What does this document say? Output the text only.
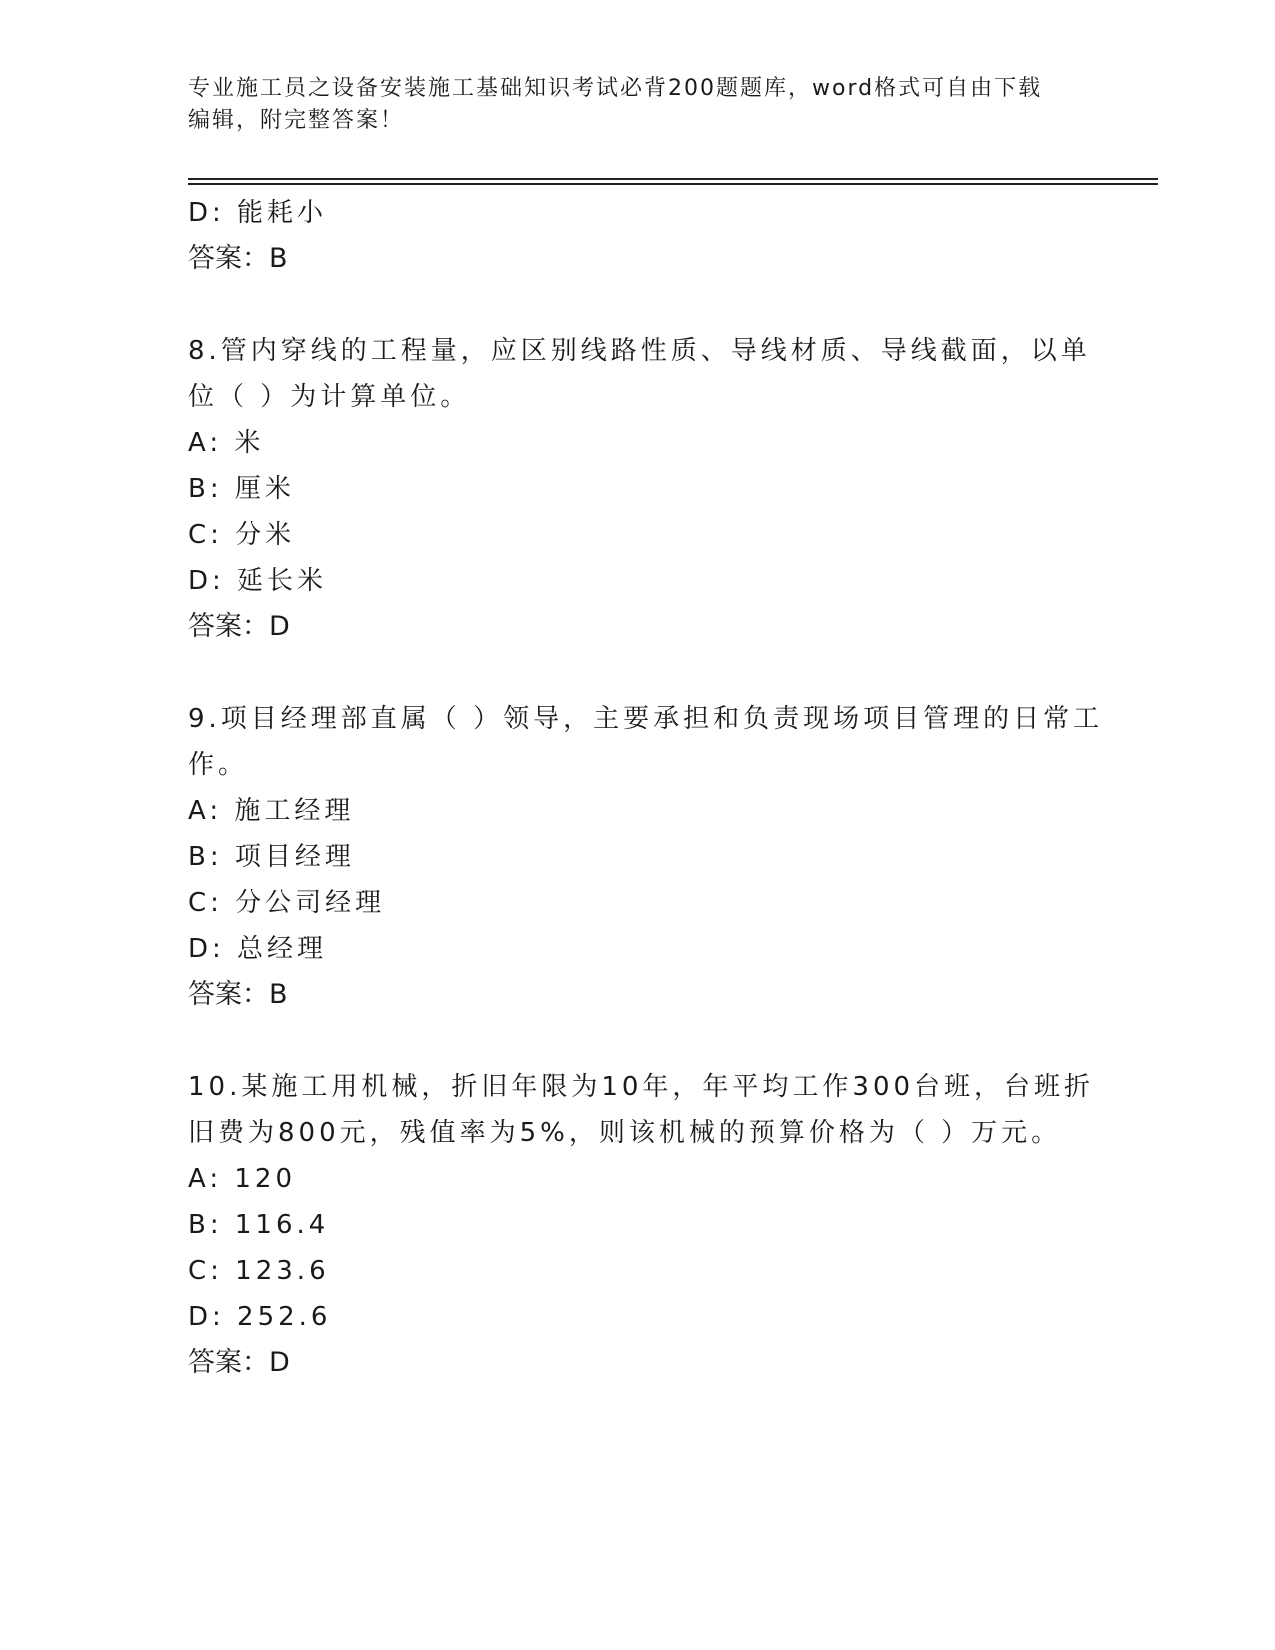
专业施工员之设备安装施工基础知识考试必背200题题库，word格式可自由下载
编辑，附完整答案！
D: 能耗小
答案：B
8.管内穿线的工程量，应区别线路性质、导线材质、导线截面，以单
位（ ）为计算单位。
A: 米
B: 厘米
C: 分米
D: 延长米
答案：D
9.项目经理部直属（ ）领导，主要承担和负责现场项目管理的日常工
作。
A: 施工经理
B: 项目经理
C: 分公司经理
D: 总经理
答案：B
10.某施工用机械，折旧年限为10年，年平均工作300台班，台班折
旧费为800元，残值率为5%，则该机械的预算价格为（ ）万元。
A: 120
B: 116.4
C: 123.6
D: 252.6
答案：D
